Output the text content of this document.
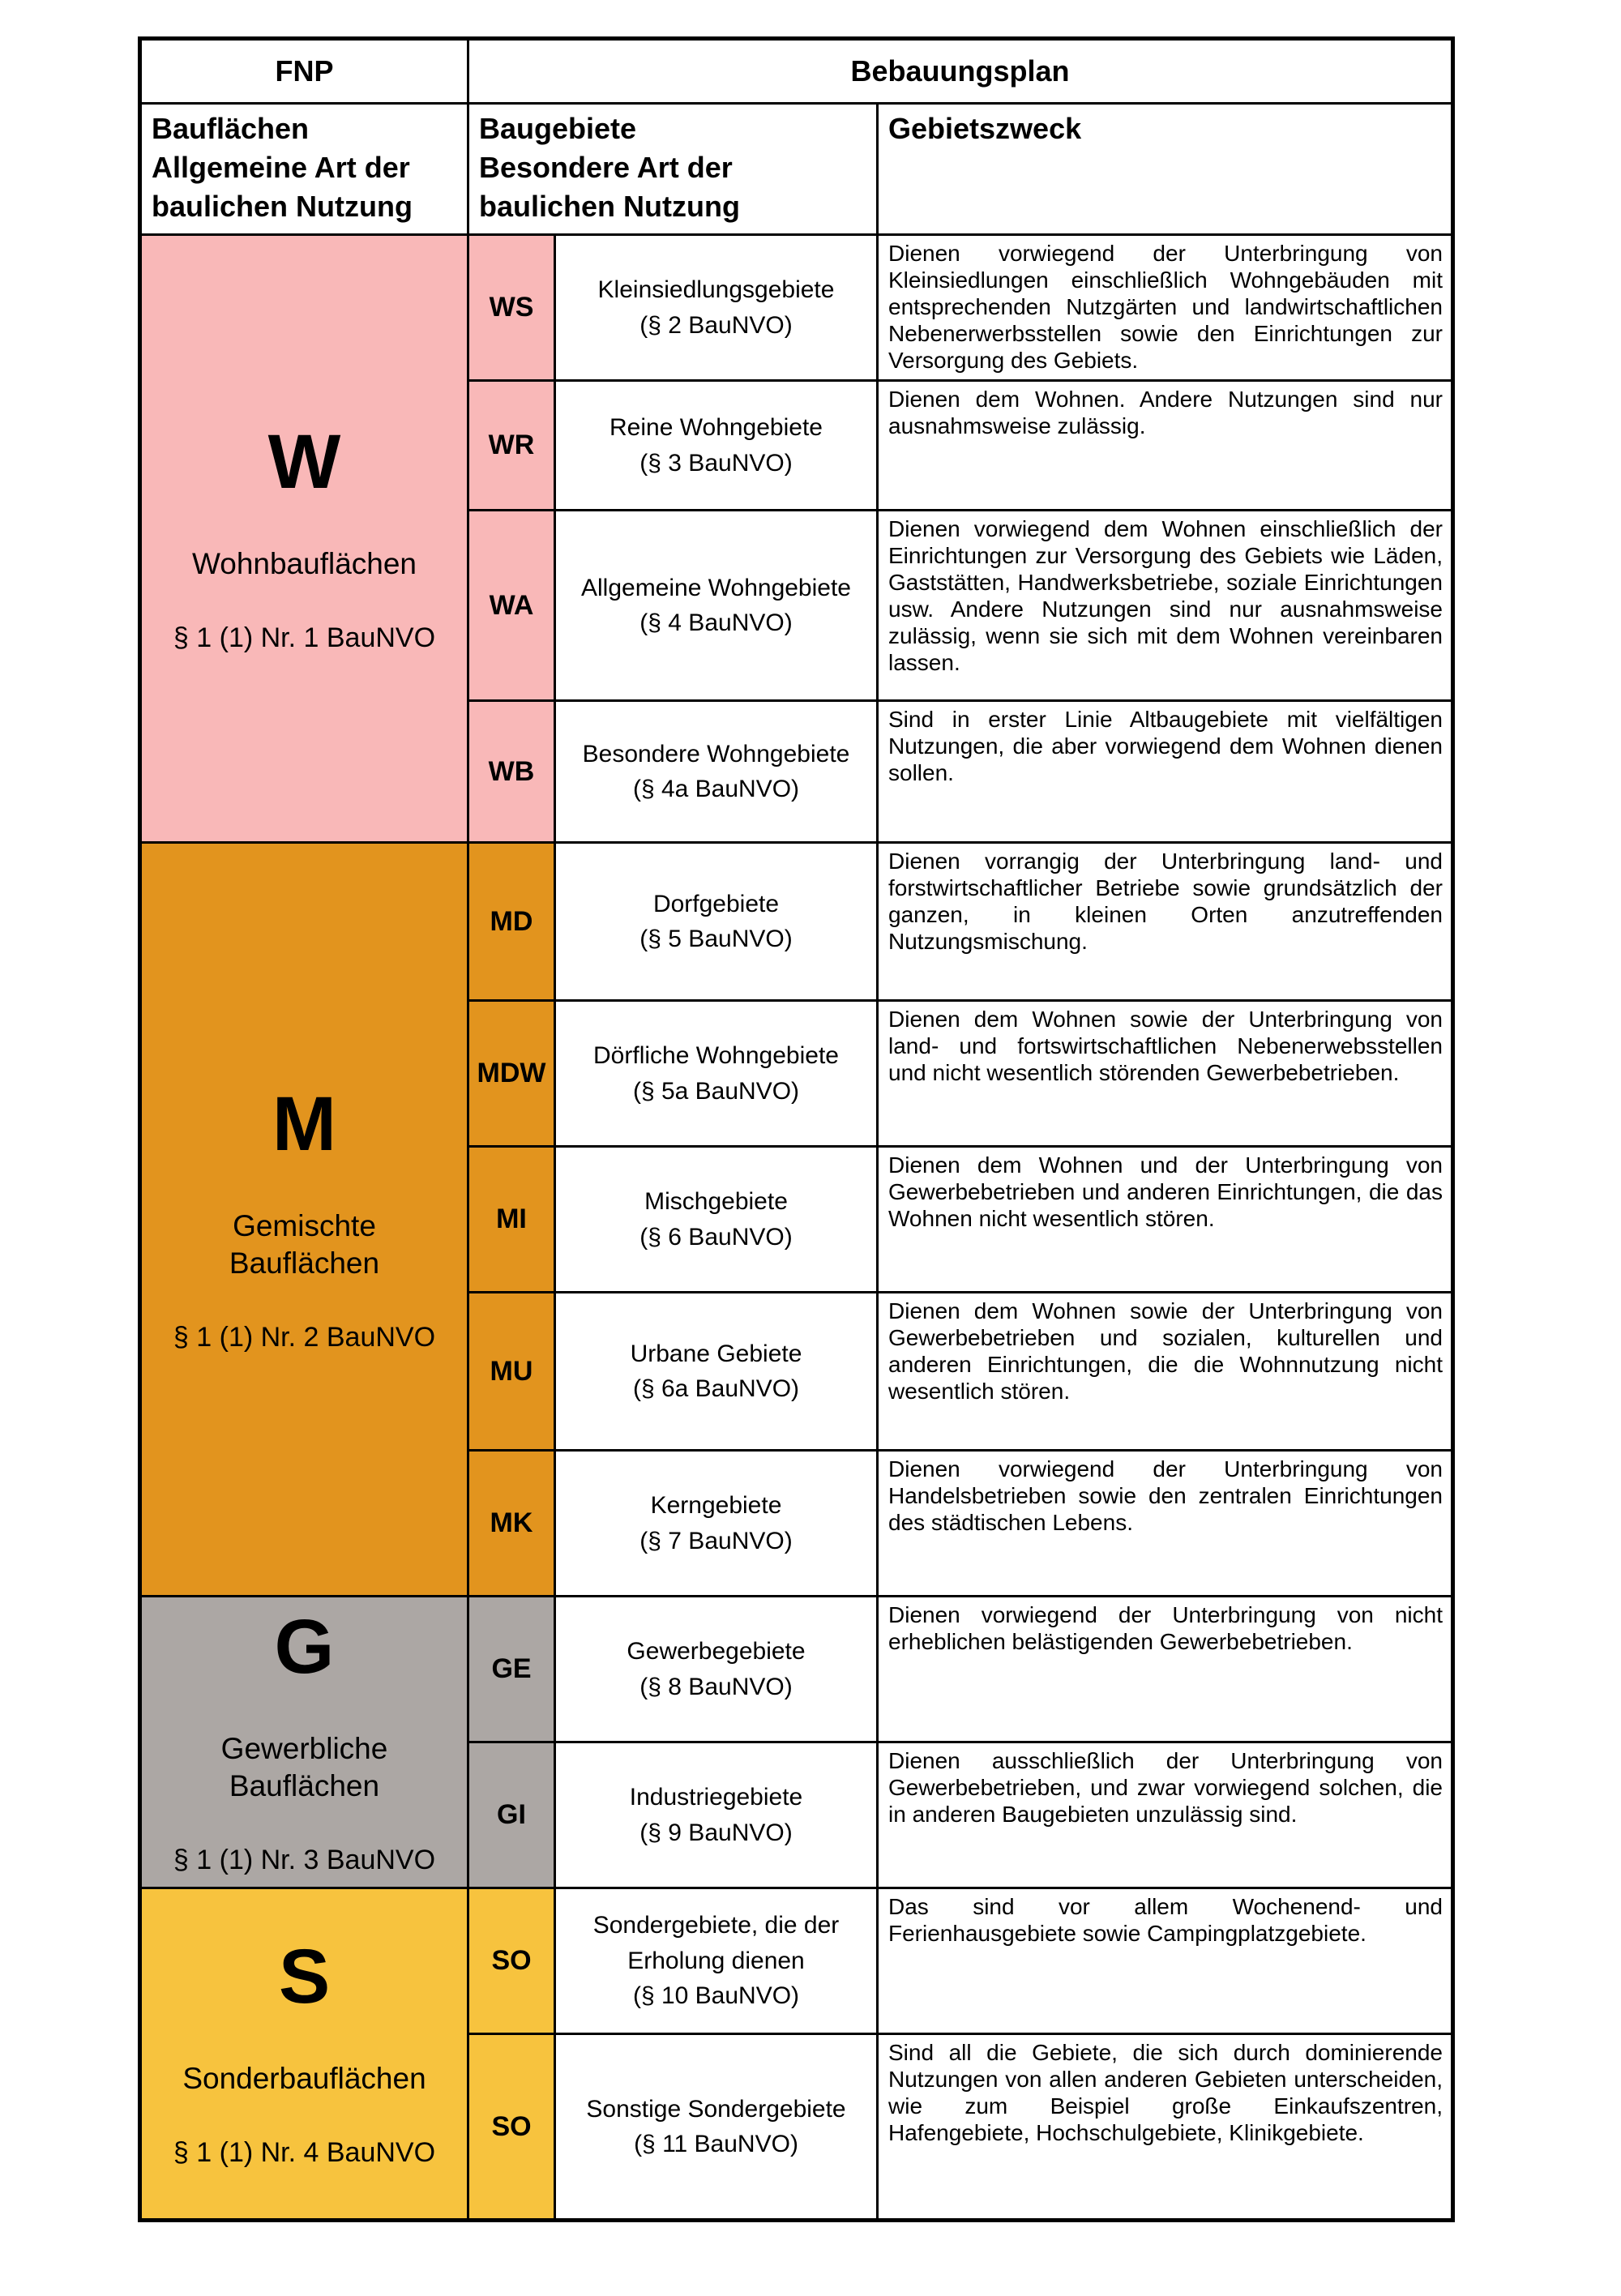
FNP	Bebauungsplan		
Bauflächen
Allgemeine Art der
baulichen Nutzung	Baugebiete
Besondere Art der
baulichen Nutzung		Gebietszweck

W
Wohnbauflächen
§ 1 (1) Nr. 1 BauNVO
	WS	Kleinsiedlungsgebiete
(§ 2 BauNVO)	Dienen vorwiegend der Unterbringung von Kleinsiedlungen einschließlich Wohngebäuden mit entsprechenden Nutzgärten und landwirtschaftlichen Nebenerwerbsstellen sowie den Einrichtungen zur Versorgung des Gebiets.
	WR	Reine Wohngebiete
(§ 3 BauNVO)	Dienen dem Wohnen. Andere Nutzungen sind nur ausnahmsweise zulässig.
	WA	Allgemeine Wohngebiete
(§ 4 BauNVO)	Dienen vorwiegend dem Wohnen einschließlich der Einrichtungen zur Versorgung des Gebiets wie Läden, Gaststätten, Handwerksbetriebe, soziale Einrichtungen usw. Andere Nutzungen sind nur ausnahmsweise zulässig, wenn sie sich mit dem Wohnen vereinbaren lassen.
	WB	Besondere Wohngebiete
(§ 4a BauNVO)	Sind in erster Linie Altbaugebiete mit vielfältigen Nutzungen, die aber vorwiegend dem Wohnen dienen sollen.

M
Gemischte
Bauflächen
§ 1 (1) Nr. 2 BauNVO
	MD	Dorfgebiete
(§ 5 BauNVO)	Dienen vorrangig der Unterbringung land- und forstwirtschaftlicher Betriebe sowie grundsätzlich der ganzen, in kleinen Orten anzutreffenden Nutzungsmischung.
	MDW	Dörfliche Wohngebiete
(§ 5a BauNVO)	Dienen dem Wohnen sowie der Unterbringung von land- und fortswirtschaftlichen Nebenerwebsstellen und nicht wesentlich störenden Gewerbebetrieben.
	MI	Mischgebiete
(§ 6 BauNVO)	Dienen dem Wohnen und der Unterbringung von Gewerbebetrieben und anderen Einrichtungen, die das Wohnen nicht wesentlich stören.
	MU	Urbane Gebiete
(§ 6a BauNVO)	Dienen dem Wohnen sowie der Unterbringung von Gewerbebetrieben und sozialen, kulturellen und anderen Einrichtungen, die die Wohnnutzung nicht wesentlich stören.
	MK	Kerngebiete
(§ 7 BauNVO)	Dienen vorwiegend der Unterbringung von Handelsbetrieben sowie den zentralen Einrichtungen des städtischen Lebens.

G
Gewerbliche
Bauflächen
§ 1 (1) Nr. 3 BauNVO
	GE	Gewerbegebiete
(§ 8 BauNVO)	Dienen vorwiegend der Unterbringung von nicht erheblichen belästigenden Gewerbebetrieben.
	GI	Industriegebiete
(§ 9 BauNVO)	Dienen ausschließlich der Unterbringung von Gewerbebetrieben, und zwar vorwiegend solchen, die in anderen Baugebieten unzulässig sind.

S
Sonderbauflächen
§ 1 (1) Nr. 4 BauNVO
	SO	Sondergebiete, die der
Erholung dienen
(§ 10 BauNVO)	Das sind vor allem Wochenend- und Ferienhausgebiete sowie Campingplatzgebiete.
	SO	Sonstige Sondergebiete
(§ 11 BauNVO)	Sind all die Gebiete, die sich durch dominierende Nutzungen von allen anderen Gebieten unterscheiden, wie zum Beispiel große Einkaufszentren, Hafengebiete, Hochschulgebiete, Klinikgebiete.
